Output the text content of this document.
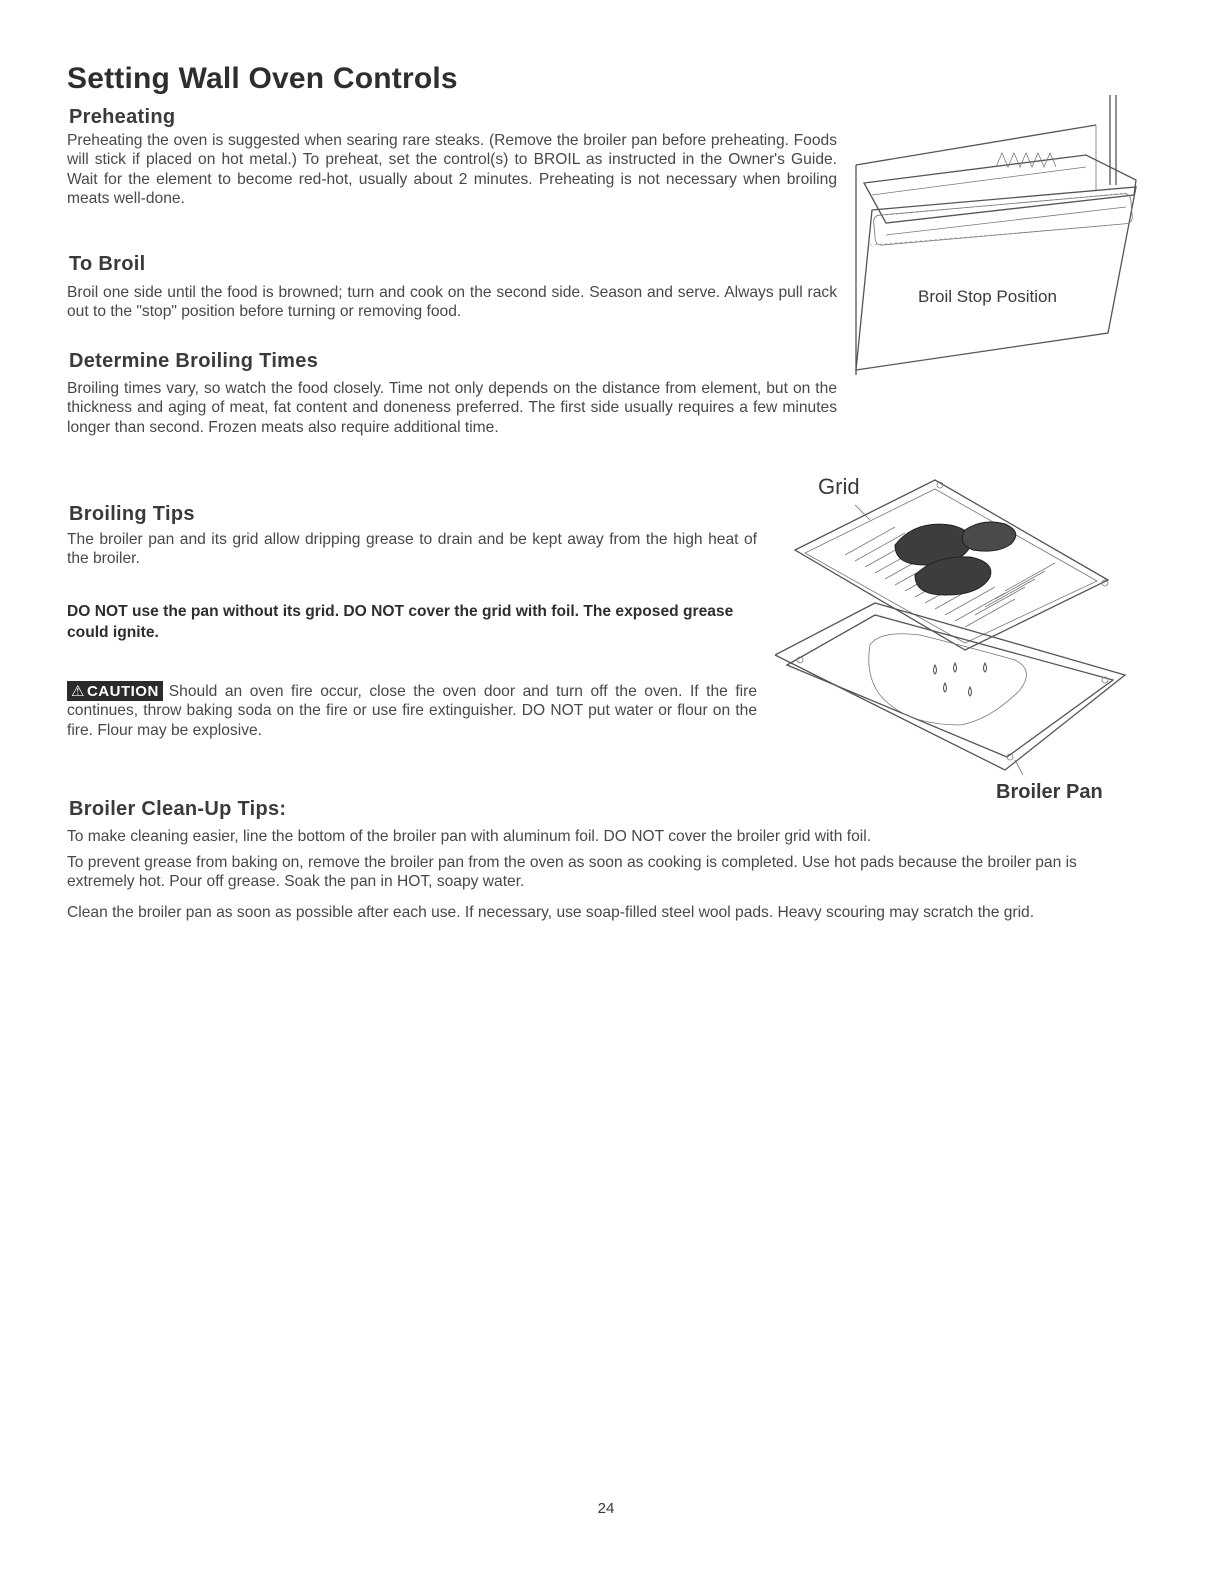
Setting Wall Oven Controls
Preheating

Preheating the oven is suggested when searing rare steaks. (Remove the broiler pan before preheating. Foods will stick if placed on hot metal.) To preheat, set the control(s) to BROIL as instructed in the Owner's Guide. Wait for the element to become red-hot, usually about 2 minutes. Preheating is not necessary when broiling meats well-done.

To Broil

Broil one side until the food is browned; turn and cook on the second side. Season and serve. Always pull rack out to the "stop" position before turning or removing food.

Determine Broiling Times

Broiling times vary, so watch the food closely. Time not only depends on the distance from element, but on the thickness and aging of meat, fat content and doneness preferred. The first side usually requires a few minutes longer than second. Frozen meats also require additional time.

Broiling Tips

The broiler pan and its grid allow dripping grease to drain and be kept away from the high heat of the broiler.

DO NOT use the pan without its grid. DO NOT cover the grid with foil. The exposed grease could ignite.

⚠ CAUTION Should an oven fire occur, close the oven door and turn off the oven. If the fire continues, throw baking soda on the fire or use fire extinguisher. DO NOT put water or flour on the fire. Flour may be explosive.

Broiler Clean-Up Tips:

To make cleaning easier, line the bottom of the broiler pan with aluminum foil. DO NOT cover the broiler grid with foil.

To prevent grease from baking on, remove the broiler pan from the oven as soon as cooking is completed. Use hot pads because the broiler pan is extremely hot. Pour off grease. Soak the pan in HOT, soapy water.

Clean the broiler pan as soon as possible after each use. If necessary, use soap-filled steel wool pads. Heavy scouring may scratch the grid.

Broil Stop Position
Grid
Broiler Pan
24
